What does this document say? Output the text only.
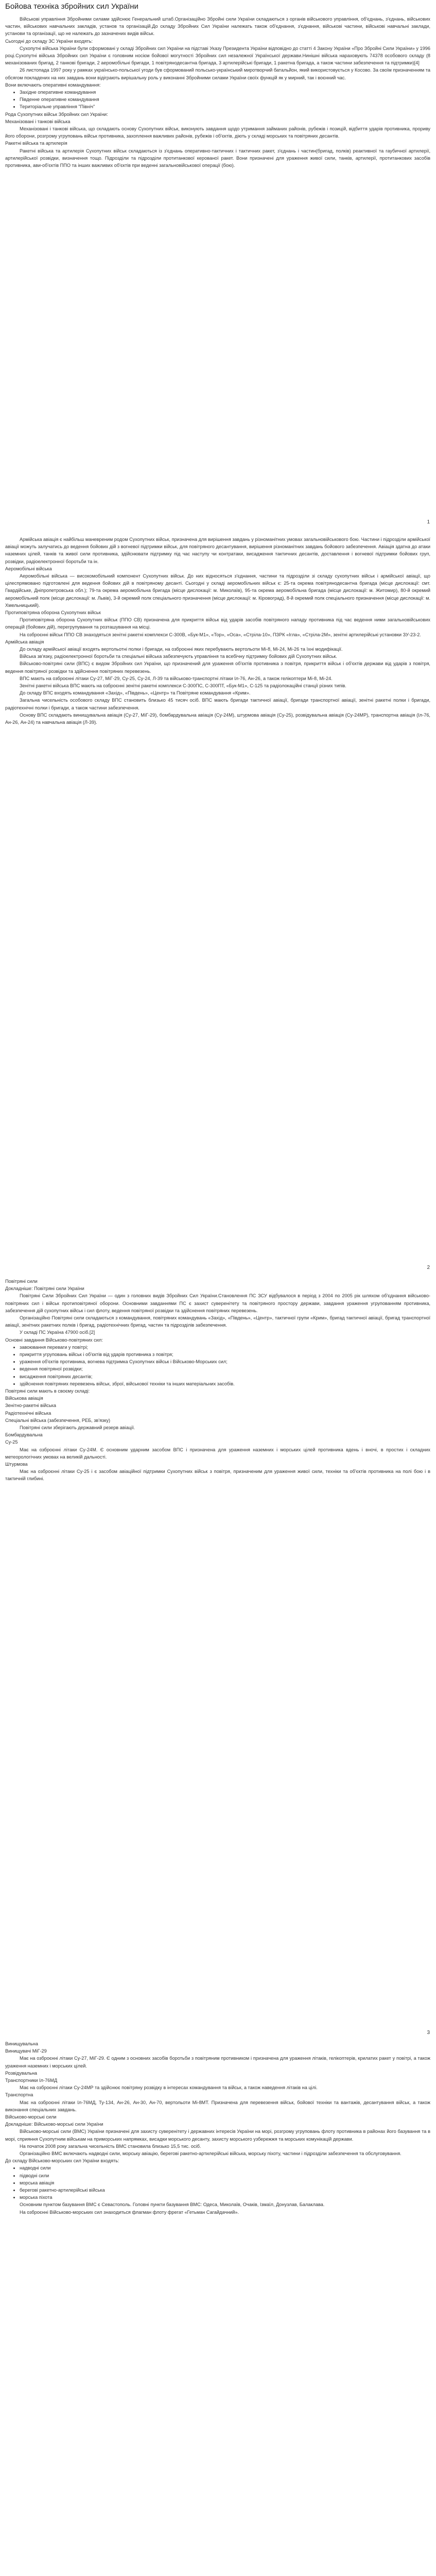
Бойова техніка збройних сил України

Військові управління Збройними силами здійснює Генеральний штаб.Організаційно Збройні сили України складаються з органів військового управління, об'єднань, з'єднань, військових частин, військових навчальних закладів, установ та організацій.До складу Збройних Сил України належать також об'єднання, з'єднання, військові частини, військові навчальні заклади, установи та організації, що не належать до зазначених видів військ.

Сьогодні до складу ЗС України входять:

Сухопутні війська України були сформовані у складі Збройних сил України на підставі Указу Президента України відповідно до статті 4 Закону України «Про Збройні Сили України» у 1996 році.Сухопутні війська Збройних сил України є головним носієм бойової могутності Збройних сил незалежної Української держави.Нинішні війська нараховують 74378 особового складу (8 механізованих бригад, 2 танкові бригади, 2 аеромобільні бригади, 1 повітрянодесантна бригада, 3 артилерійські бригади, 1 ракетна бригада, а також частини забезпечення та підтримки)[4]

26 листопада 1997 року у рамках українсько-польської угоди був сформований польсько-український миротворчий батальйон, який використовується у Косово. За своїм призначенням та обсягом покладених на них завдань вони відіграють вирішальну роль у виконанні Збройними силами України своїх функцій як у мирний, так і воєнний час.

Вони включають оперативні командування:

• Західне оперативне командування
• Південне оперативне командування
• Територіальне управління "Північ"

Рода Сухопутних військ Збройних сил України:

Механізовані і танкові війська

Механізовані і танкові війська, що складають основу Сухопутних військ, виконують завдання щодо утримання займаних районів, рубежів і позицій, відбиття ударів противника, прориву його оборони, розгрому угруповань військ противника, захоплення важливих районів, рубежів і об'єктів, діють у складі морських та повітряних десантів.

Ракетні війська та артилерія

Ракетні війська та артилерія Сухопутних військ складаються із з'єднань оперативно-тактичних і тактичних ракет, з'єднань і частин(бригад, полків) реактивної та гаубичної артилерії, артилерійської розвідки, визначення тощо. Підрозділи та підрозділи протитанкової керованої ракет. Вони призначені для ураження живої сили, танків, артилерії, протитанкових засобів противника, ави-об'єктів ППО та інших важливих об'єктів при веденні загальновійськової операції (бою).

1

Армійська авіація є найбільш маневреним родом Сухопутних військ, призначена для вирішення завдань у різноманітних умовах загальновійськового бою. Частини і підрозділи армійської авіації можуть залучатись до ведення бойових дій з вогневої підтримки військ, для повітряного десантування, вирішення різноманітних завдань бойового забезпечення. Авіація здатна до атаки наземних цілей, танків та живої сили противника, здійснювати підтримку під час наступу чи контратаки, висадження тактичних десантів, доставлення і вогневої підтримки бойових груп, розвідки, радіоелектронної боротьби та ін.

Аеромобільні війська

Аеромобільні війська — високомобільний компонент Сухопутних військ. До них відносяться з'єднання, частини та підрозділи зі складу сухопутних військ і армійської авіації, що цілеспрямовано підготовлені для ведення бойових дій в повітряному десанті. Сьогодні у складі аеромобільних військ є: 25-та окрема повітрянодесантна бригада (місце дислокації: смт. Гвардійське, Дніпропетровська обл.); 79-та окрема аеромобільна бригада (місце дислокації: м. Миколаїв), 95-та окрема аеромобільна бригада (місце дислокації: м. Житомир), 80-й окремий аеромобільний полк (місце дислокації: м. Львів), 3-й окремий полк спеціального призначення (місце дислокації: м. Кіровоград), 8-й окремий полк спеціального призначення (місце дислокації: м. Хмельницький).

Протиповітряна оборона Сухопутних військ

Протиповітряна оборона Сухопутних військ (ППО СВ) призначена для прикриття військ від ударів засобів повітряного нападу противника під час ведення ними загальновійськових операцій (бойових дій), перегрупування та розташування на місці.

На озброєнні військ ППО СВ знаходяться зенітні ракетні комплекси С-300В, «Бук-М1», «Тор», «Оса», «Стріла-10», ПЗРК «Ігла», «Стріла-2М», зенітні артилерійські установки ЗУ-23-2.

Армійська авіація

До складу армійської авіації входять вертольотні полки і бригади, на озброєнні яких перебувають вертольоти Мі-8, Мі-24, Мі-26 та їхні модифікації.

Війська зв'язку, радіоелектронної боротьби та спеціальні війська забезпечують управління та всебічну підтримку бойових дій Сухопутних військ.

Військово-повітряні сили (ВПС) є видом Збройних сил України, що призначений для ураження об'єктів противника з повітря, прикриття військ і об'єктів держави від ударів з повітря, ведення повітряної розвідки та здійснення повітряних перевезень.

ВПС мають на озброєнні літаки Су-27, МіГ-29, Су-25, Су-24, Л-39 та військово-транспортні літаки Іл-76, Ан-26, а також гелікоптери Мі-8, Мі-24.

Зенітні ракетні війська ВПС мають на озброєнні зенітні ракетні комплекси С-300ПС, С-300ПТ, «Бук-М1», С-125 та радіолокаційні станції різних типів.

До складу ВПС входять командування «Захід», «Південь», «Центр» та Повітряне командування «Крим».

Загальна чисельність особового складу ВПС становить близько 45 тисяч осіб. ВПС мають бригади тактичної авіації, бригади транспортної авіації, зенітні ракетні полки і бригади, радіотехнічні полки і бригади, а також частини забезпечення.

Основу ВПС складають винищувальна авіація (Су-27, МіГ-29), бомбардувальна авіація (Су-24М), штурмова авіація (Су-25), розвідувальна авіація (Су-24МР), транспортна авіація (Іл-76, Ан-26, Ан-24) та навчальна авіація (Л-39).

2

Повітряні сили

Докладніше: Повітряні сили України

Повітряні Сили Збройних Сил України — один з головних видів Збройних Сил України.Становлення ПС ЗСУ відбувалося в період з 2004 по 2005 рік шляхом об'єднання військово-повітряних сил і військ протиповітряної оборони. Основними завданнями ПС є захист суверенітету та повітряного простору держави, завдання ураження угрупованням противника, забезпечення дій сухопутних військ і сил флоту, ведення повітряної розвідки та здійснення повітряних перевезень.

Організаційно Повітряні сили складаються з командування, повітряних командувань «Захід», «Південь», «Центр», тактичної групи «Крим», бригад тактичної авіації, бригад транспортної авіації, зенітних ракетних полків і бригад, радіотехнічних бригад, частин та підрозділів забезпечення.

У складі ПС Україна 47900 осіб.[2]

Основні завдання Військово-повітряних сил:

• завоювання переваги у повітрі;
• прикриття угруповань військ і об'єктів від ударів противника з повітря;
• ураження об'єктів противника, вогнева підтримка Сухопутних військ і Військово-Морських сил;
• ведення повітряної розвідки;
• висадження повітряних десантів;
• здійснення повітряних перевезень військ, зброї, військової техніки та інших матеріальних засобів.

Повітряні сили мають в своєму складі:

Військова авіація

Зенітно-ракетні війська

Радіотехнічні війська

Спеціальні війська (забезпечення, РЕБ, зв'язку)

Повітряні сили зберігають державний резерв авіації.

Бомбардувальна

Су-25

Має на озброєнні літаки Су-24М. Є основним ударним засобом ВПС і призначена для ураження наземних і морських цілей противника вдень і вночі, в простих і складних метеорологічних умовах на великій дальності.

Штурмова

Має на озброєнні літаки Су-25 і є засобом авіаційної підтримки Сухопутних військ з повітря, призначеним для ураження живої сили, техніки та об'єктів противника на полі бою і в тактичній глибині.

3

Винищувальна

Винищувачі МіГ-29

Має на озброєнні літаки Су-27, МіГ-29. Є одним з основних засобів боротьби з повітряним противником і призначена для ураження літаків, гелікоптерів, крилатих ракет у повітрі, а також ураження наземних і морських цілей.

Розвідувальна

Транспортники Іл-76МД

Має на озброєнні літаки Су-24МР та здійснює повітряну розвідку в інтересах командування та військ, а також наведення літаків на цілі.

Транспортна

Має на озброєнні літаки Іл-76МД, Ту-134, Ан-26, Ан-30, Ан-70, вертольоти Мі-8МТ. Призначена для перевезення військ, бойової техніки та вантажів, десантування військ, а також виконання спеціальних завдань.

Військово-морські сили

Докладніше: Військово-морські сили України

Військово-морські сили (ВМС) України призначені для захисту суверенітету і державних інтересів України на морі, розгрому угруповань флоту противника в районах його базування та в морі, сприяння Сухопутним військам на приморських напрямках, висадки морського десанту, захисту морського узбережжя та морських комунікацій держави.

На початок 2008 року загальна чисельність ВМС становила близько 15,5 тис. осіб.

Організаційно ВМС включають надводні сили, морську авіацію, берегові ракетно-артилерійські війська, морську піхоту, частини і підрозділи забезпечення та обслуговування.

До складу Військово-морських сил України входять:

• надводні сили
• підводні сили
• морська авіація
• берегові ракетно-артилерійські війська
• морська піхота

Основним пунктом базування ВМС є Севастополь. Головні пункти базування ВМС: Одеса, Миколаїв, Очаків, Ізмаїл, Донузлав, Балаклава.

На озброєнні Військово-морських сил знаходиться флагман флоту фрегат «Гетьман Сагайдачний».
